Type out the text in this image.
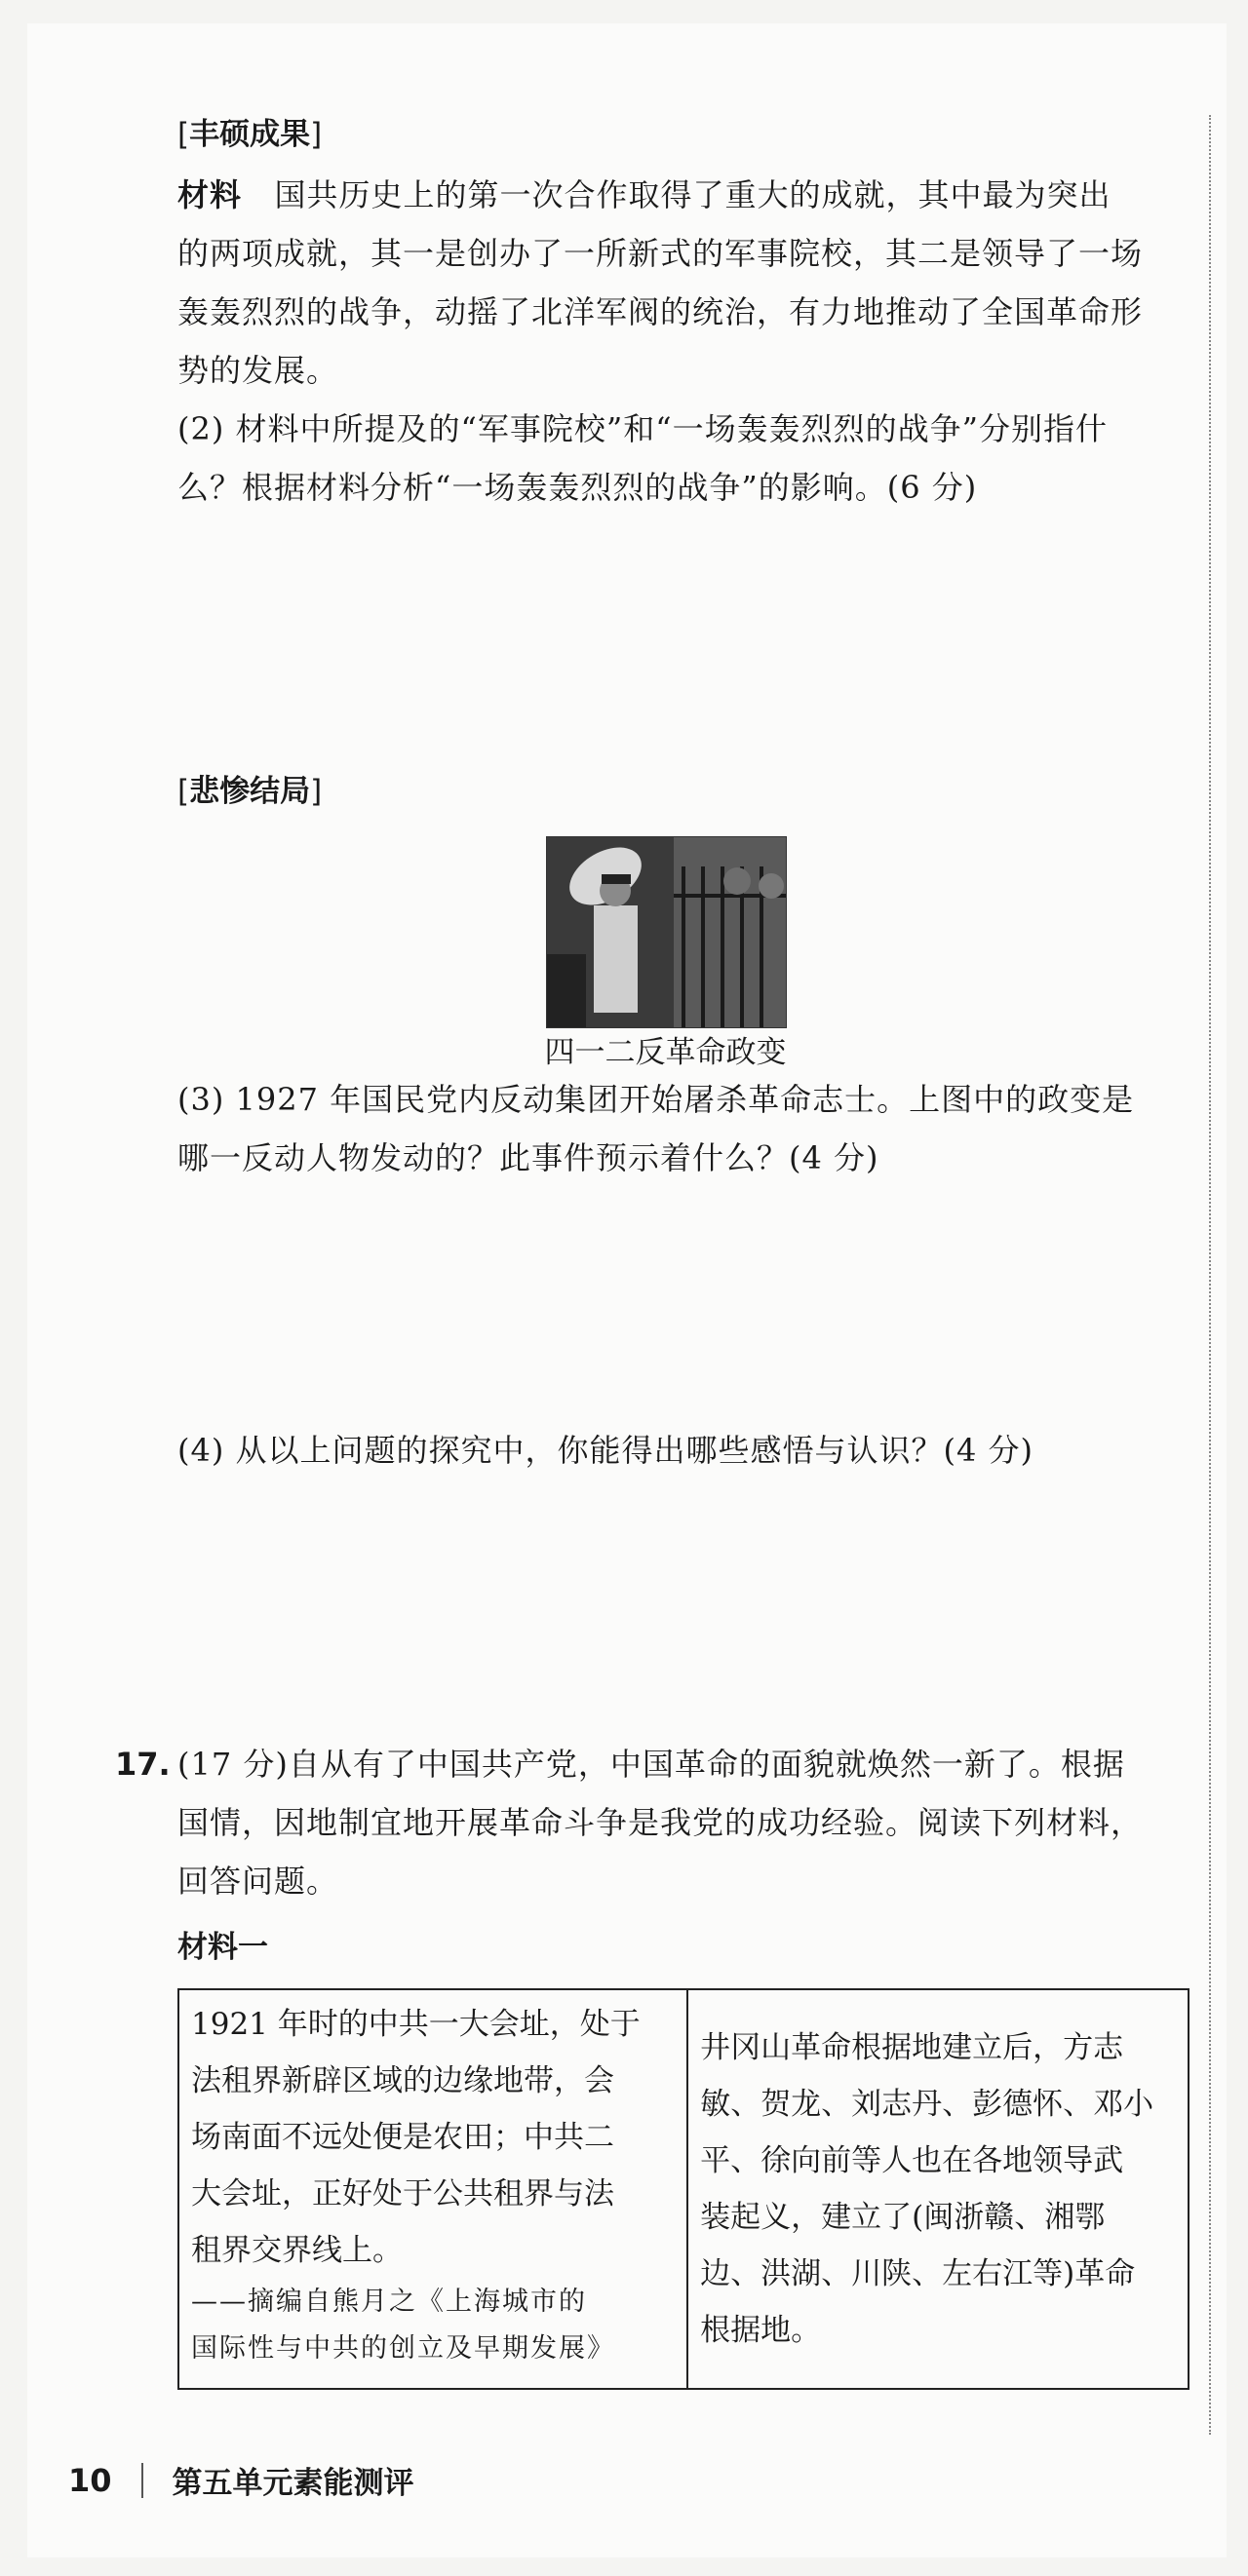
[丰硕成果]
材料 国共历史上的第一次合作取得了重大的成就，其中最为突出
的两项成就，其一是创办了一所新式的军事院校，其二是领导了一场
轰轰烈烈的战争，动摇了北洋军阀的统治，有力地推动了全国革命形
势的发展。
(2) 材料中所提及的“军事院校”和“一场轰轰烈烈的战争”分别指什
么？根据材料分析“一场轰轰烈烈的战争”的影响。(6 分)
[悲惨结局]
四一二反革命政变
(3) 1927 年国民党内反动集团开始屠杀革命志士。上图中的政变是
哪一反动人物发动的？此事件预示着什么？(4 分)
(4) 从以上问题的探究中，你能得出哪些感悟与认识？(4 分)
17. (17 分)自从有了中国共产党，中国革命的面貌就焕然一新了。根据
国情，因地制宜地开展革命斗争是我党的成功经验。阅读下列材料，
回答问题。
材料一
1921 年时的中共一大会址，处于
法租界新辟区域的边缘地带，会
场南面不远处便是农田；中共二
大会址，正好处于公共租界与法
租界交界线上。
——摘编自熊月之《上海城市的
国际性与中共的创立及早期发展》
井冈山革命根据地建立后，方志
敏、贺龙、刘志丹、彭德怀、邓小
平、徐向前等人也在各地领导武
装起义，建立了(闽浙赣、湘鄂
边、洪湖、川陕、左右江等)革命
根据地。
10 第五单元素能测评
